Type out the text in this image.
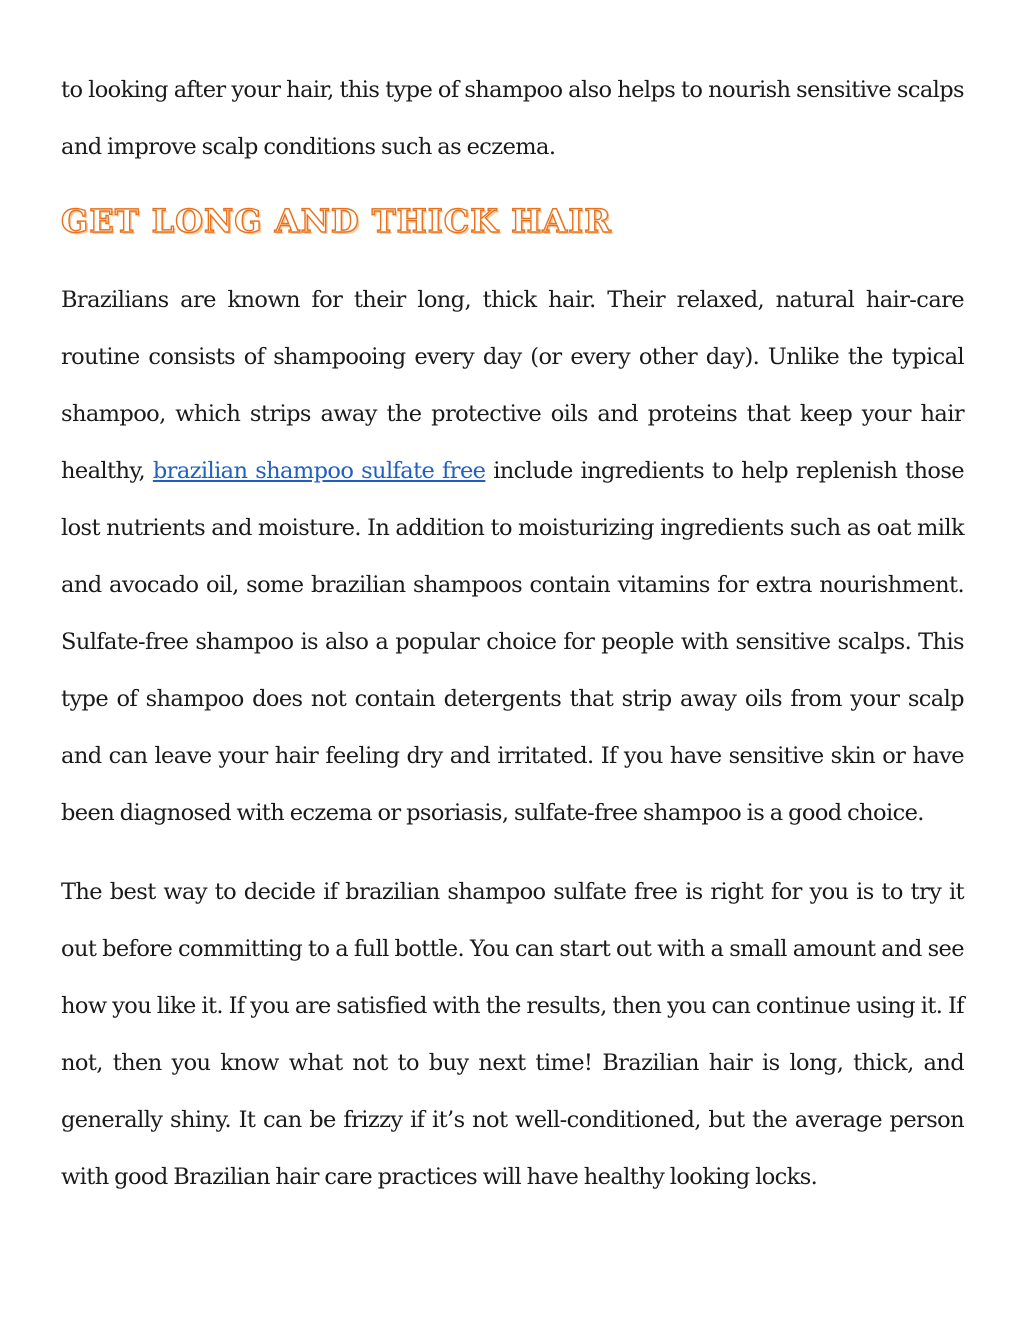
to looking after your hair, this type of shampoo also helps to nourish sensitive scalps and improve scalp conditions such as eczema.

GET LONG AND THICK HAIR

Brazilians are known for their long, thick hair. Their relaxed, natural hair-care routine consists of shampooing every day (or every other day). Unlike the typical shampoo, which strips away the protective oils and proteins that keep your hair healthy, brazilian shampoo sulfate free include ingredients to help replenish those lost nutrients and moisture. In addition to moisturizing ingredients such as oat milk and avocado oil, some brazilian shampoos contain vitamins for extra nourishment. Sulfate-free shampoo is also a popular choice for people with sensitive scalps. This type of shampoo does not contain detergents that strip away oils from your scalp and can leave your hair feeling dry and irritated. If you have sensitive skin or have been diagnosed with eczema or psoriasis, sulfate-free shampoo is a good choice.

The best way to decide if brazilian shampoo sulfate free is right for you is to try it out before committing to a full bottle. You can start out with a small amount and see how you like it. If you are satisfied with the results, then you can continue using it. If not, then you know what not to buy next time! Brazilian hair is long, thick, and generally shiny. It can be frizzy if it’s not well-conditioned, but the average person with good Brazilian hair care practices will have healthy looking locks.
